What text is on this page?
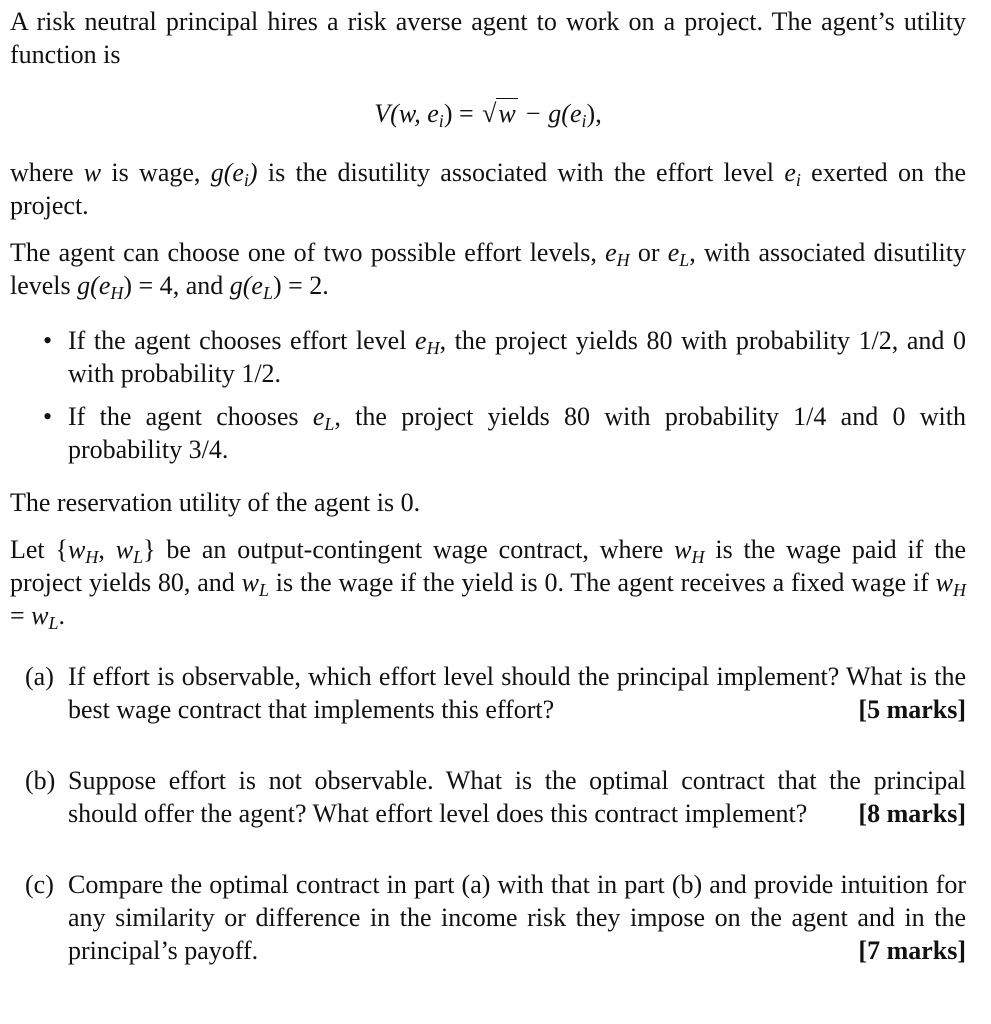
A risk neutral principal hires a risk averse agent to work on a project. The agent’s utility function is

V(w, $e_i) = √w - g(e_i)$,

where w is wage, $g(e_i)$ is the disutility associated with the effort level $e_i$ exerted on the project.

The agent can choose one of two possible effort levels, $e_H$ or $e_L$, with associated disutility levels $g(e_H) = 4$, and $g(e_L) = 2$.

• If the agent chooses effort level $e_H$, the project yields 80 with probability 1/2, and 0 with probability 1/2.
• If the agent chooses $e_L$, the project yields 80 with probability 1/4 and 0 with probability 3/4.

The reservation utility of the agent is 0.

Let {$w_H$, $w_L$} be an output-contingent wage contract, where $w_H$ is the wage paid if the project yields 80, and $w_L$ is the wage if the yield is 0. The agent receives a fixed wage if $w_H = w_L$.

(a) If effort is observable, which effort level should the principal implement? What is the best wage contract that implements this effort?	[5 marks]
(b) Suppose effort is not observable. What is the optimal contract that the principal should offer the agent? What effort level does this contract implement? [8 marks]
(c) Compare the optimal contract in part (a) with that in part (b) and provide intuition for any similarity or difference in the income risk they impose on the agent and in the principal’s payoff.	[7 marks]
